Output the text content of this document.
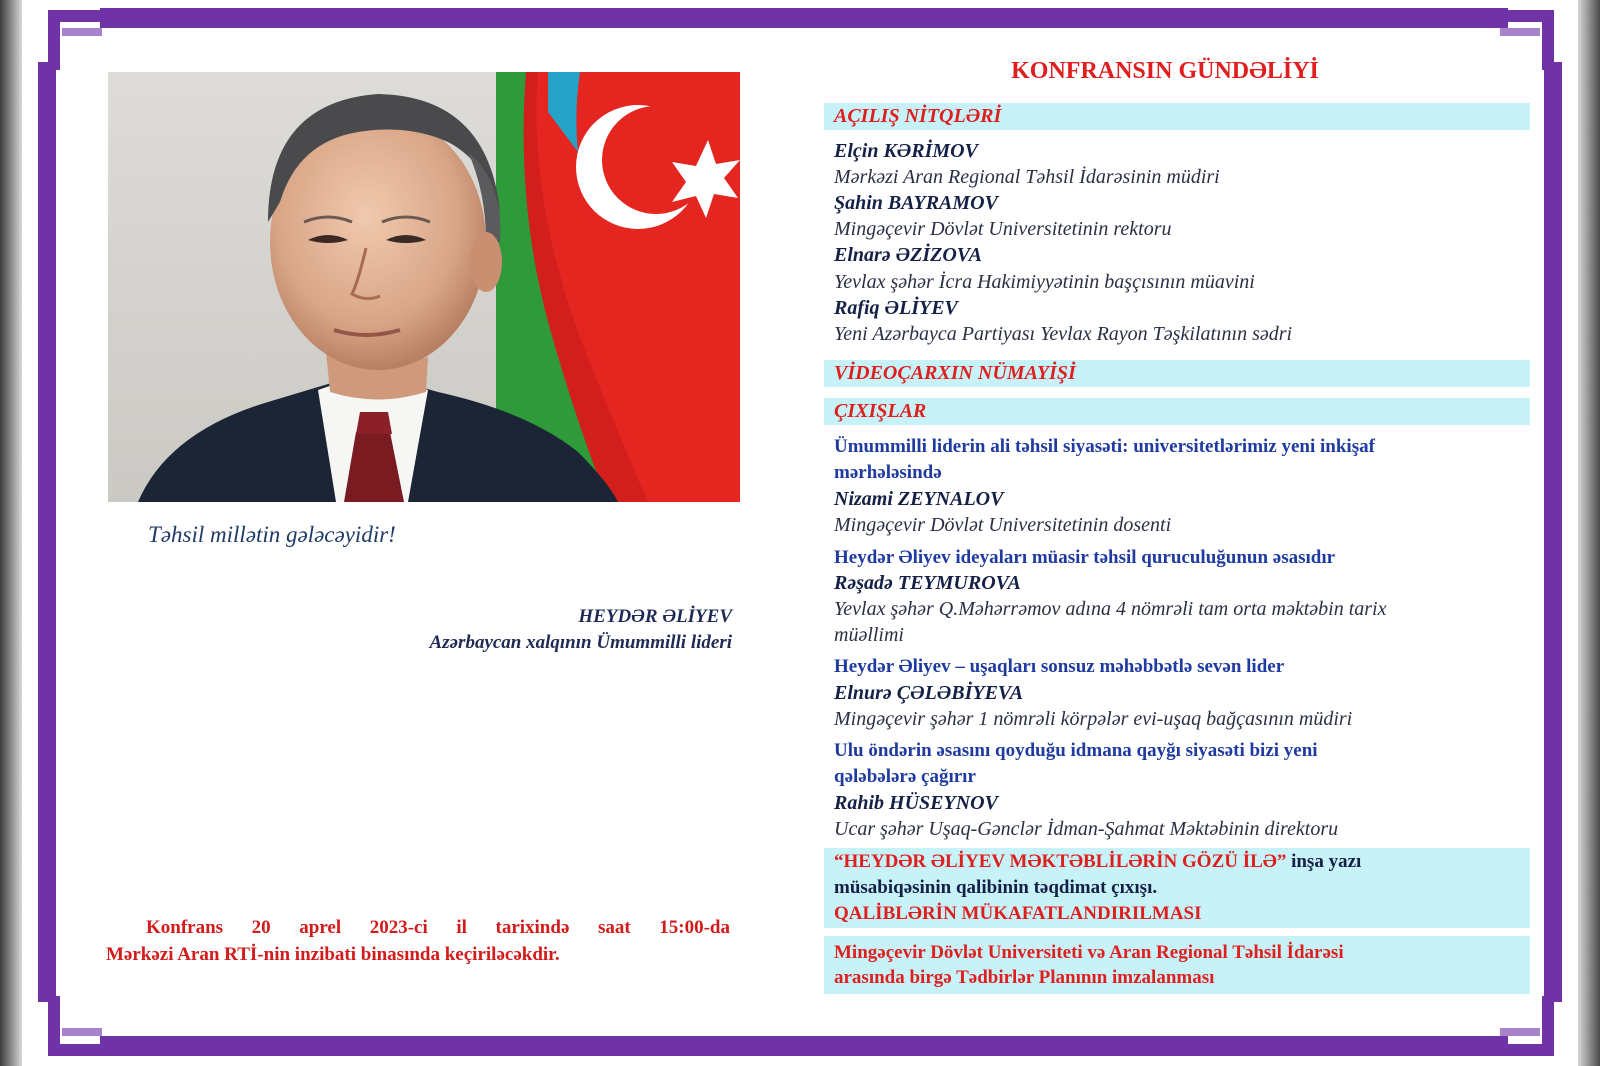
Təhsil millətin gələcəyidir!
HEYDƏR ƏLİYEV
Azərbaycan xalqının Ümummilli lideri
Konfrans 20 aprel 2023-ci il tarixində saat 15:00-da
Mərkəzi Aran RTİ-nin inzibati binasında keçiriləcəkdir.
KONFRANSIN GÜNDƏLİYİ
AÇILIŞ NİTQLƏRİ
Elçin KƏRİMOV
Mərkəzi Aran Regional Təhsil İdarəsinin müdiri
Şahin BAYRAMOV
Mingəçevir Dövlət Universitetinin rektoru
Elnarə ƏZİZOVA
Yevlax şəhər İcra Hakimiyyətinin başçısının müavini
Rafiq ƏLİYEV
Yeni Azərbayca Partiyası Yevlax Rayon Təşkilatının sədri
VİDEOÇARXIN NÜMAYİŞİ
ÇIXIŞLAR
Ümummilli liderin ali təhsil siyasəti: universitetlərimiz yeni inkişaf
mərhələsində
Nizami ZEYNALOV
Mingəçevir Dövlət Universitetinin dosenti
Heydər Əliyev ideyaları müasir təhsil quruculuğunun əsasıdır
Rəşadə TEYMUROVA
Yevlax şəhər Q.Məhərrəmov adına 4 nömrəli tam orta məktəbin tarix
müəllimi
Heydər Əliyev – uşaqları sonsuz məhəbbətlə sevən lider
Elnurə ÇƏLƏBİYEVA
Mingəçevir şəhər 1 nömrəli körpələr evi-uşaq bağçasının müdiri
Ulu öndərin əsasını qoyduğu idmana qayğı siyasəti bizi yeni
qələbələrə çağırır
Rahib HÜSEYNOV
Ucar şəhər Uşaq-Gənclər İdman-Şahmat Məktəbinin direktoru
“HEYDƏR ƏLİYEV MƏKTƏBLİLƏRİN GÖZÜ İLƏ” inşa yazı
müsabiqəsinin qalibinin təqdimat çıxışı.
QALİBLƏRİN MÜKAFATLANDIRILMASI
Mingəçevir Dövlət Universiteti və Aran Regional Təhsil İdarəsi
arasında birgə Tədbirlər Planının imzalanması
